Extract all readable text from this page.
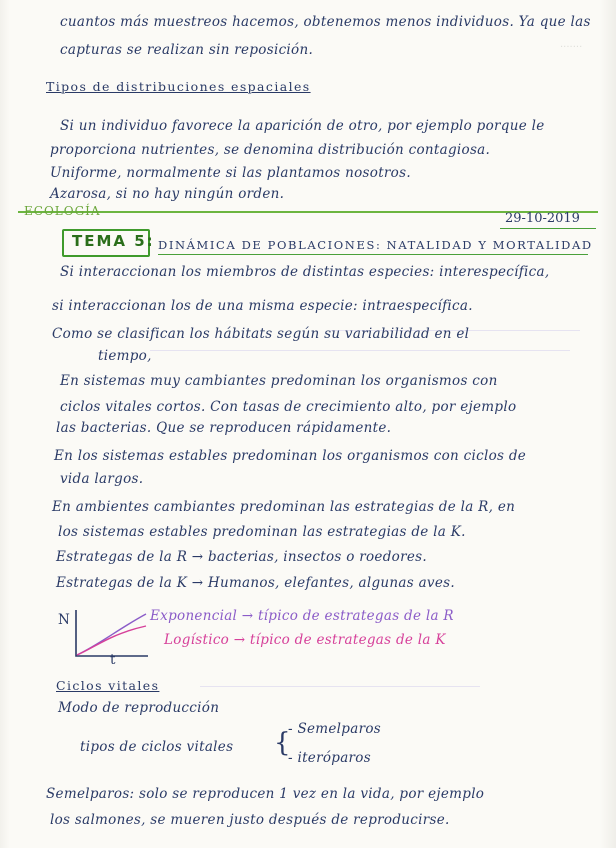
·······
cuantos más muestreos hacemos, obtenemos menos individuos. Ya que las
capturas se realizan sin reposición.
Tipos de distribuciones espaciales
Si un individuo favorece la aparición de otro, por ejemplo porque le
proporciona nutrientes, se denomina distribución contagiosa.
Uniforme, normalmente si las plantamos nosotros.
Azarosa, si no hay ningún orden.
ECOLOGÍA	29-10-2019
TEMA 5: DINÁMICA DE POBLACIONES: NATALIDAD Y MORTALIDAD
Si interaccionan los miembros de distintas especies: interespecífica,
si interaccionan los de una misma especie: intraespecífica.
Como se clasifican los hábitats según su variabilidad en el
tiempo,
En sistemas muy cambiantes predominan los organismos con
ciclos vitales cortos. Con tasas de crecimiento alto, por ejemplo
las bacterias. Que se reproducen rápidamente.
En los sistemas estables predominan los organismos con ciclos de
vida largos.
En ambientes cambiantes predominan las estrategias de la R, en
los sistemas estables predominan las estrategias de la K.
Estrategas de la R → bacterias, insectos o roedores.
Estrategas de la K → Humanos, elefantes, algunas aves.
N
t
Exponencial → típico de estrategas de la R
Logístico → típico de estrategas de la K
Ciclos vitales
Modo de reproducción
tipos de ciclos vitales {
- Semelparos
- iteróparos
Semelparos: solo se reproducen 1 vez en la vida, por ejemplo
los salmones, se mueren justo después de reproducirse.
